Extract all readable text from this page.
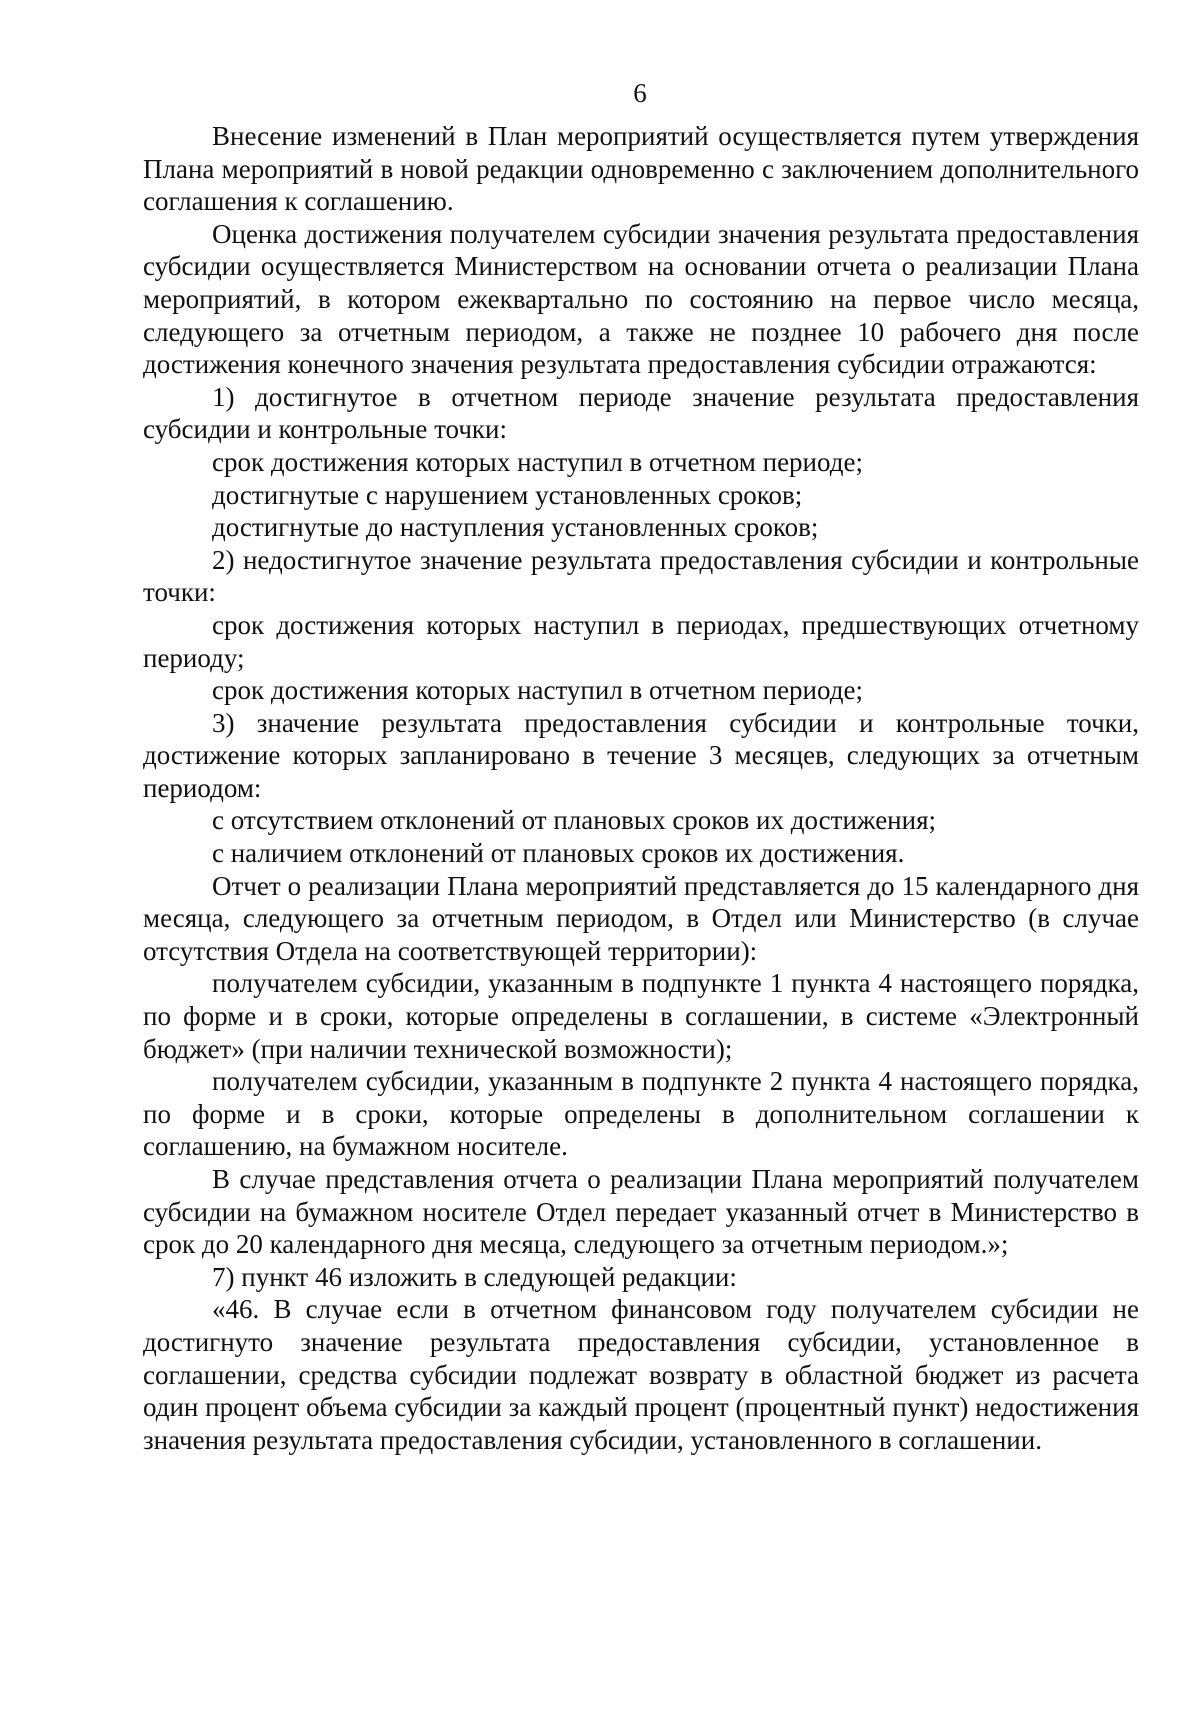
6

Внесение изменений в План мероприятий осуществляется путем утверждения Плана мероприятий в новой редакции одновременно с заключением дополнительного соглашения к соглашению.

Оценка достижения получателем субсидии значения результата предоставления субсидии осуществляется Министерством на основании отчета о реализации Плана мероприятий, в котором ежеквартально по состоянию на первое число месяца, следующего за отчетным периодом, а также не позднее 10 рабочего дня после достижения конечного значения результата предоставления субсидии отражаются:

1) достигнутое в отчетном периоде значение результата предоставления субсидии и контрольные точки:

срок достижения которых наступил в отчетном периоде;

достигнутые с нарушением установленных сроков;

достигнутые до наступления установленных сроков;

2) недостигнутое значение результата предоставления субсидии и контрольные точки:

срок достижения которых наступил в периодах, предшествующих отчетному периоду;

срок достижения которых наступил в отчетном периоде;

3) значение результата предоставления субсидии и контрольные точки, достижение которых запланировано в течение 3 месяцев, следующих за отчетным периодом:

с отсутствием отклонений от плановых сроков их достижения;

с наличием отклонений от плановых сроков их достижения.

Отчет о реализации Плана мероприятий представляется до 15 календарного дня месяца, следующего за отчетным периодом, в Отдел или Министерство (в случае отсутствия Отдела на соответствующей территории):

получателем субсидии, указанным в подпункте 1 пункта 4 настоящего порядка, по форме и в сроки, которые определены в соглашении, в системе «Электронный бюджет» (при наличии технической возможности);

получателем субсидии, указанным в подпункте 2 пункта 4 настоящего порядка, по форме и в сроки, которые определены в дополнительном соглашении к соглашению, на бумажном носителе.

В случае представления отчета о реализации Плана мероприятий получателем субсидии на бумажном носителе Отдел передает указанный отчет в Министерство в срок до 20 календарного дня месяца, следующего за отчетным периодом.»;

7) пункт 46 изложить в следующей редакции:

«46. В случае если в отчетном финансовом году получателем субсидии не достигнуто значение результата предоставления субсидии, установленное в соглашении, средства субсидии подлежат возврату в областной бюджет из расчета один процент объема субсидии за каждый процент (процентный пункт) недостижения значения результата предоставления субсидии, установленного в соглашении.
